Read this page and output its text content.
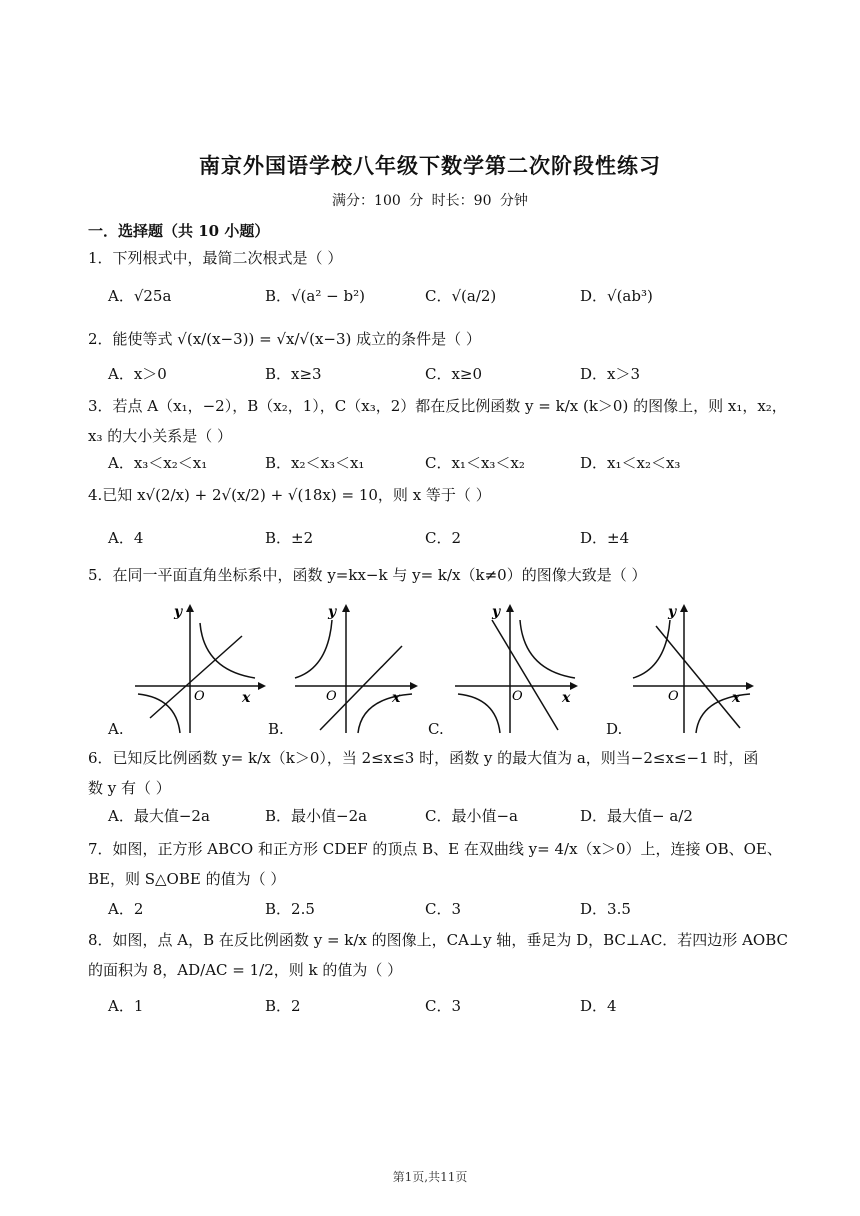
南京外国语学校八年级下数学第二次阶段性练习
满分：100 分 时长：90 分钟
一．选择题（共 10 小题）
1．下列根式中，最简二次根式是（ ）
A．√25a	B．√(a² − b²)	C．√(a/2)	D．√(ab³)
2．能使等式 √(x/(x−3)) = √x/√(x−3) 成立的条件是（ ）
A．x＞0	B．x≥3	C．x≥0	D．x＞3
3．若点 A（x₁，−2），B（x₂，1），C（x₃，2）都在反比例函数 y = k/x (k＞0) 的图像上，则 x₁，x₂，
x₃ 的大小关系是（ ）
A．x₃＜x₂＜x₁	B．x₂＜x₃＜x₁	C．x₁＜x₃＜x₂	D．x₁＜x₂＜x₃
4.已知 x√(2/x) + 2√(x/2) + √(18x) = 10，则 x 等于（ ）
A．4	B．±2	C．2	D．±4
5．在同一平面直角坐标系中，函数 y=kx−k 与 y= k/x（k≠0）的图像大致是（ ）
y
x
O
A.
y
x
O
B.
y
x
O
C.
y
x
O
D.
6．已知反比例函数 y= k/x（k＞0），当 2≤x≤3 时，函数 y 的最大值为 a，则当−2≤x≤−1 时，函
数 y 有（ ）
A．最大值−2a	B．最小值−2a	C．最小值−a	D．最大值− a/2
7．如图，正方形 ABCO 和正方形 CDEF 的顶点 B、E 在双曲线 y= 4/x（x＞0）上，连接 OB、OE、
BE，则 S△OBE 的值为（ ）
A．2	B．2.5	C．3	D．3.5
8．如图，点 A，B 在反比例函数 y = k/x 的图像上，CA⊥y 轴，垂足为 D，BC⊥AC．若四边形 AOBC
的面积为 8，AD/AC = 1/2，则 k 的值为（ ）
A．1	B．2	C．3	D．4
第1页,共11页
